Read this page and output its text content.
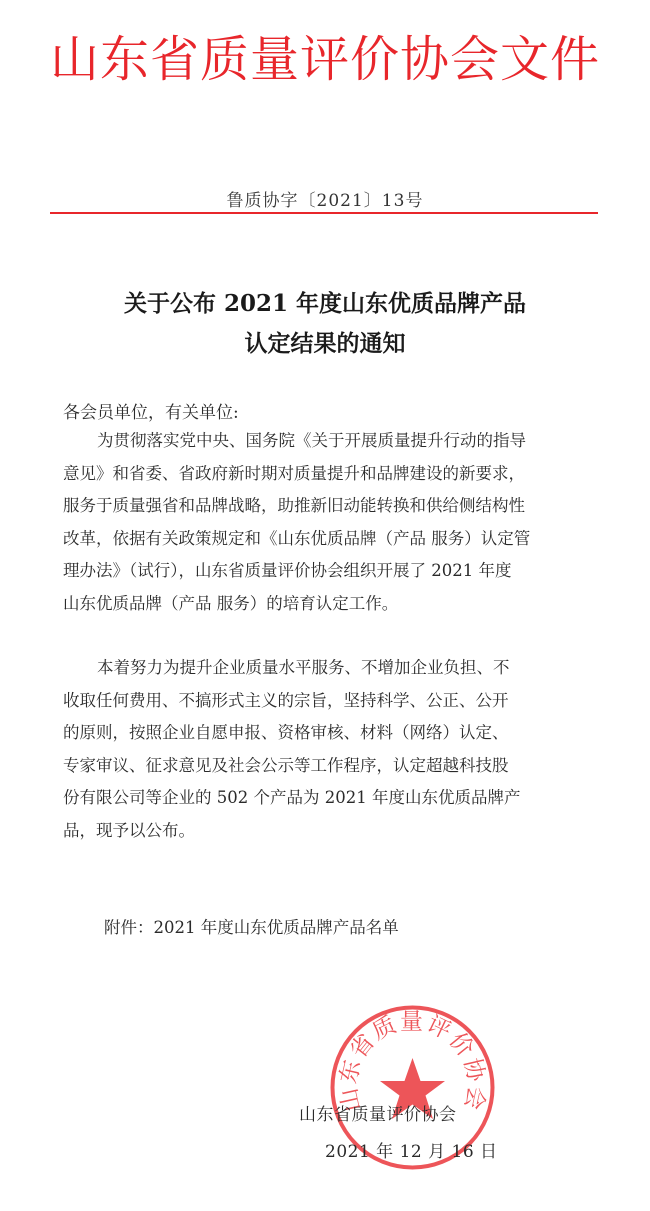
山东省质量评价协会文件
鲁质协字〔2021〕13号
关于公布 2021 年度山东优质品牌产品
认定结果的通知
各会员单位，有关单位:
为贯彻落实党中央、国务院《关于开展质量提升行动的指导
意见》和省委、省政府新时期对质量提升和品牌建设的新要求，
服务于质量强省和品牌战略，助推新旧动能转换和供给侧结构性
改革，依据有关政策规定和《山东优质品牌（产品 服务）认定管
理办法》（试行），山东省质量评价协会组织开展了 2021 年度
山东优质品牌（产品 服务）的培育认定工作。
本着努力为提升企业质量水平服务、不增加企业负担、不
收取任何费用、不搞形式主义的宗旨，坚持科学、公正、公开
的原则，按照企业自愿申报、资格审核、材料（网络）认定、
专家审议、征求意见及社会公示等工作程序，认定超越科技股
份有限公司等企业的 502 个产品为 2021 年度山东优质品牌产
品，现予以公布。
附件：2021 年度山东优质品牌产品名单
山东省质量评价协会
山东省质量评价协会
2021 年 12 月 16 日
